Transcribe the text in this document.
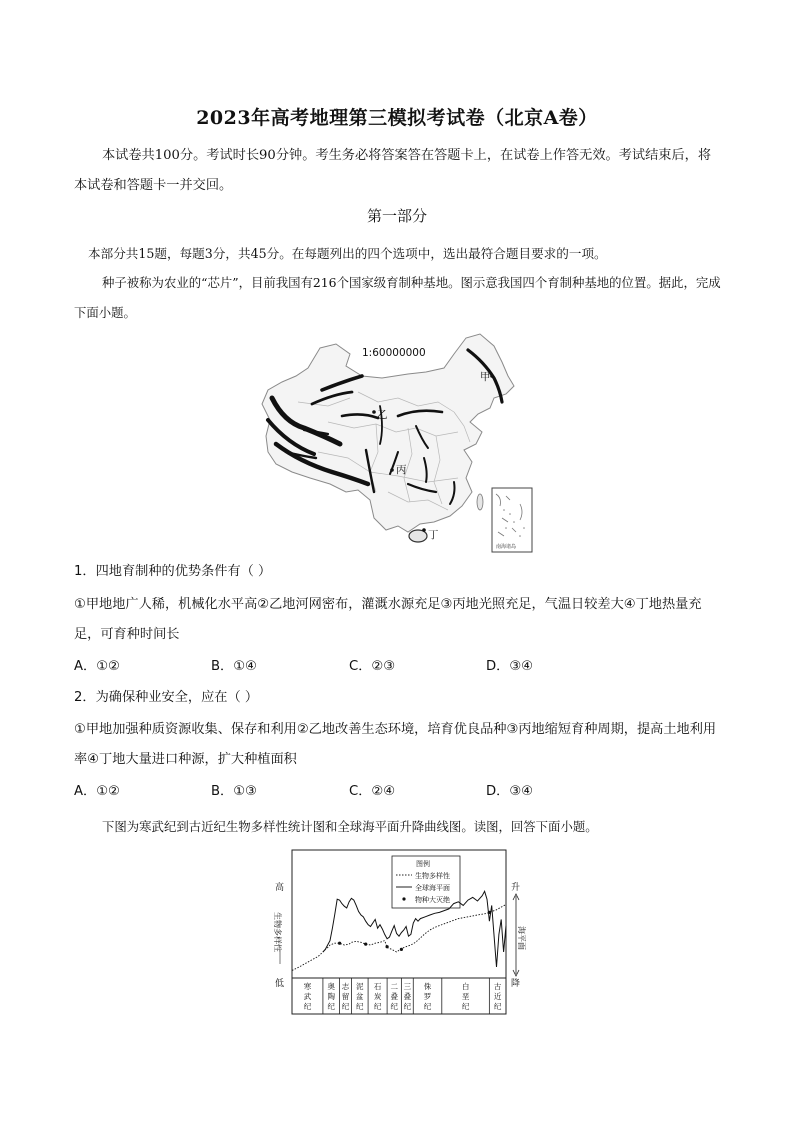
2023年高考地理第三模拟考试卷（北京A卷）
本试卷共100分。考试时长90分钟。考生务必将答案答在答题卡上，在试卷上作答无效。考试结束后，将本试卷和答题卡一并交回。
第一部分
本部分共15题，每题3分，共45分。在每题列出的四个选项中，选出最符合题目要求的一项。
种子被称为农业的“芯片”，目前我国有216个国家级育制种基地。图示意我国四个育制种基地的位置。据此，完成下面小题。
1:60000000
甲
乙
丙
丁
南海诸岛
1．四地育制种的优势条件有（ ）
①甲地地广人稀，机械化水平高②乙地河网密布，灌溉水源充足③丙地光照充足，气温日较差大④丁地热量充足，可育种时间长
A．①②	B．①④	C．②③	D．③④
2．为确保种业安全，应在（ ）
①甲地加强种质资源收集、保存和利用②乙地改善生态环境，培育优良品种③丙地缩短育种周期，提高土地利用率④丁地大量进口种源，扩大种植面积
A．①②	B．①③	C．②④	D．③④
下图为寒武纪到古近纪生物多样性统计图和全球海平面升降曲线图。读图，回答下面小题。
高
低
生物多样性
升
降
海平面
图例
生物多样性
全球海平面
物种大灭绝
寒武纪
奥陶纪
志留纪
泥盆纪
石炭纪
二叠纪
三叠纪
侏罗纪
白垩纪
古近纪
